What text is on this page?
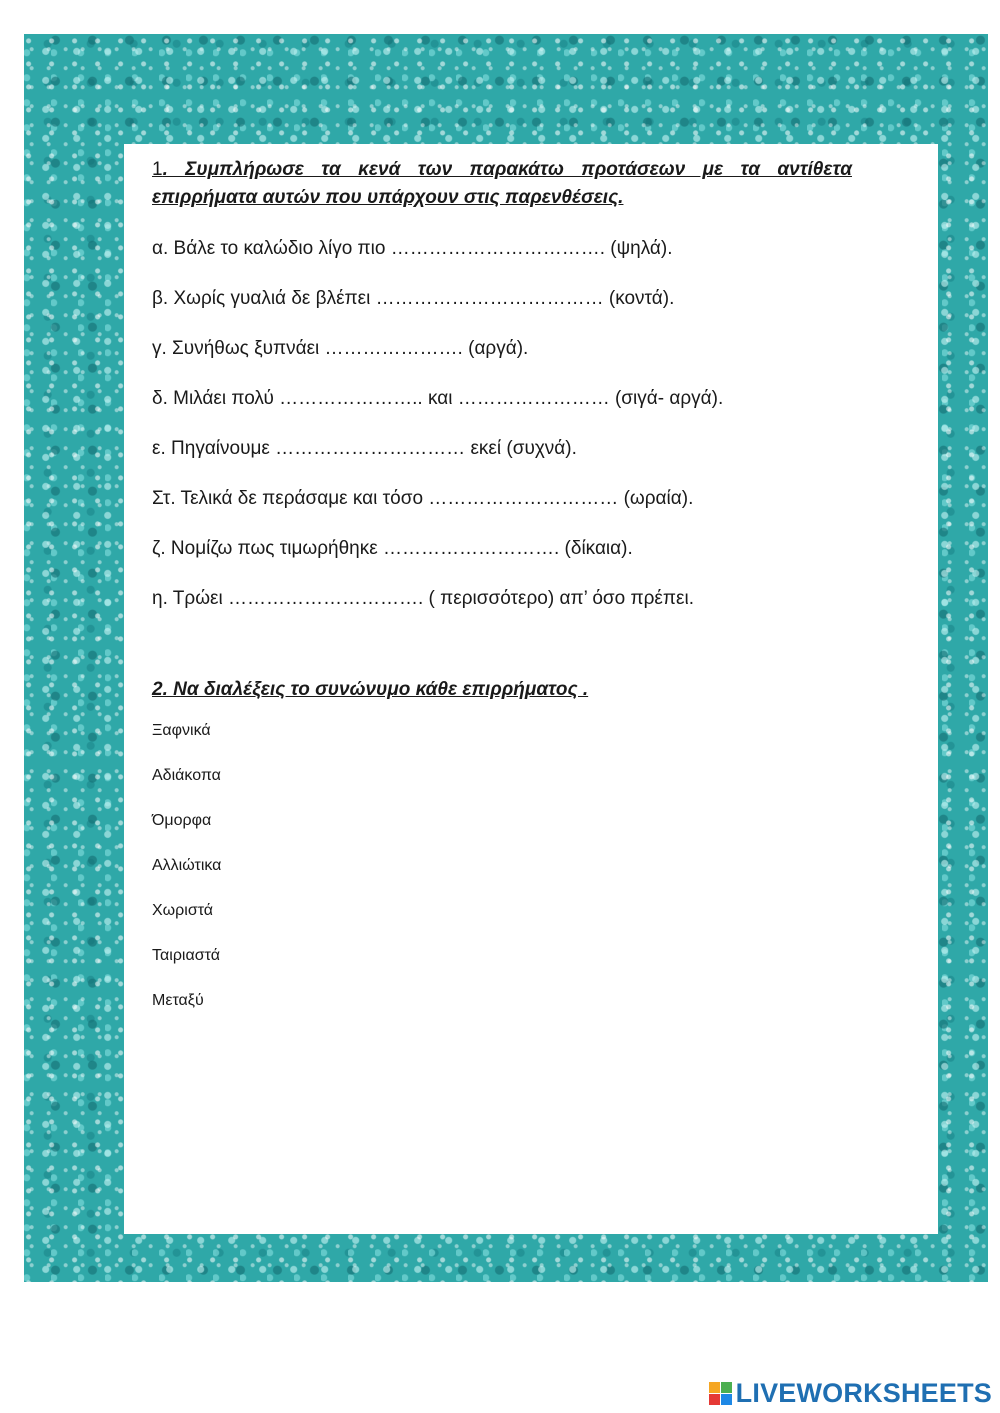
1. Συμπλήρωσε τα κενά των παρακάτω προτάσεων με τα αντίθετα επιρρήματα αυτών που υπάρχουν στις παρενθέσεις.

α. Βάλε το καλώδιο λίγο πιο ……………………………. (ψηλά).

β. Χωρίς γυαλιά δε βλέπει ……………………………… (κοντά).

γ. Συνήθως ξυπνάει …………………. (αργά).

δ. Μιλάει πολύ ………………….. και …………………… (σιγά- αργά).

ε. Πηγαίνουμε ………………………… εκεί (συχνά).

Στ. Τελικά δε περάσαμε και τόσο ………………………… (ωραία).

ζ. Νομίζω πως τιμωρήθηκε ………………………. (δίκαια).

η. Τρώει …………………………. ( περισσότερο) απ’ όσο πρέπει.

2. Να διαλέξεις το συνώνυμο κάθε επιρρήματος .

Ξαφνικά

Αδιάκοπα

Όμορφα

Αλλιώτικα

Χωριστά

Ταιριαστά

Μεταξύ

LIVEWORKSHEETS
